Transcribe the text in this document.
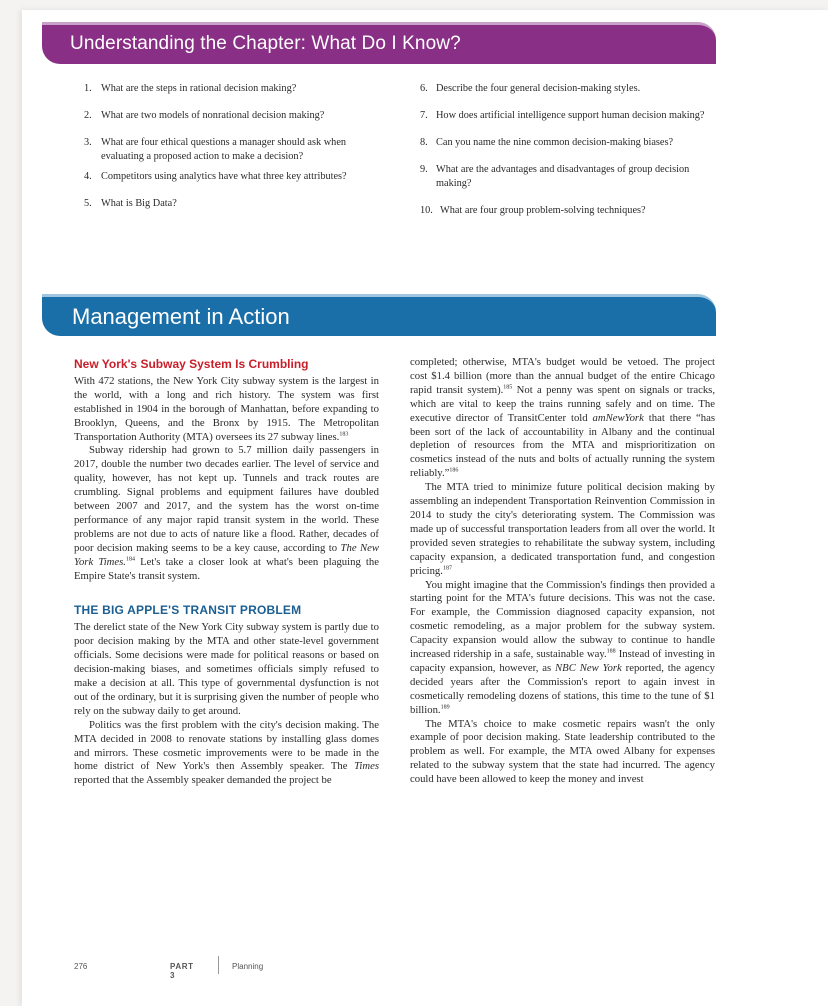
Understanding the Chapter: What Do I Know?
1. What are the steps in rational decision making?
2. What are two models of nonrational decision making?
3. What are four ethical questions a manager should ask when evaluating a proposed action to make a decision?
4. Competitors using analytics have what three key attributes?
5. What is Big Data?
6. Describe the four general decision-making styles.
7. How does artificial intelligence support human decision making?
8. Can you name the nine common decision-making biases?
9. What are the advantages and disadvantages of group decision making?
10. What are four group problem-solving techniques?
Management in Action
New York's Subway System Is Crumbling

With 472 stations, the New York City subway system is the largest in the world, with a long and rich history. The system was first established in 1904 in the borough of Manhattan, before expanding to Brooklyn, Queens, and the Bronx by 1915. The Metropolitan Transportation Authority (MTA) oversees its 27 subway lines.$^{183}$

Subway ridership had grown to 5.7 million daily passengers in 2017, double the number two decades earlier. The level of service and quality, however, has not kept up. Tunnels and track routes are crumbling. Signal problems and equipment failures have doubled between 2007 and 2017, and the system has the worst on-time performance of any major rapid transit system in the world. These problems are not due to acts of nature like a flood. Rather, decades of poor decision making seems to be a key cause, according to The New York Times.$^{184}$ Let's take a closer look at what's been plaguing the Empire State's transit system.

THE BIG APPLE'S TRANSIT PROBLEM

The derelict state of the New York City subway system is partly due to poor decision making by the MTA and other state-level government officials. Some decisions were made for political reasons or based on decision-making biases, and sometimes officials simply refused to make a decision at all. This type of governmental dysfunction is not out of the ordinary, but it is surprising given the number of people who rely on the subway daily to get around.

Politics was the first problem with the city's decision making. The MTA decided in 2008 to renovate stations by installing glass domes and mirrors. These cosmetic improvements were to be made in the home district of New York's then Assembly speaker. The Times reported that the Assembly speaker demanded the project be

completed; otherwise, MTA's budget would be vetoed. The project cost $1.4 billion (more than the annual budget of the entire Chicago rapid transit system).$^{185}$ Not a penny was spent on signals or tracks, which are vital to keep the trains running safely and on time. The executive director of TransitCenter told amNewYork that there “has been sort of the lack of accountability in Albany and the continual depletion of resources from the MTA and misprioritization on cosmetics instead of the nuts and bolts of actually running the system reliably.”$^{186}$

The MTA tried to minimize future political decision making by assembling an independent Transportation Reinvention Commission in 2014 to study the city's deteriorating system. The Commission was made up of successful transportation leaders from all over the world. It provided seven strategies to rehabilitate the subway system, including capacity expansion, a dedicated transportation fund, and congestion pricing.$^{187}$

You might imagine that the Commission's findings then provided a starting point for the MTA's future decisions. This was not the case. For example, the Commission diagnosed capacity expansion, not cosmetic remodeling, as a major problem for the subway system. Capacity expansion would allow the subway to continue to handle increased ridership in a safe, sustainable way.$^{188}$ Instead of investing in capacity expansion, however, as NBC New York reported, the agency decided years after the Commission's report to again invest in cosmetically remodeling dozens of stations, this time to the tune of $1 billion.$^{189}$

The MTA's choice to make cosmetic repairs wasn't the only example of poor decision making. State leadership contributed to the problem as well. For example, the MTA owed Albany for expenses related to the subway system that the state had incurred. The agency could have been allowed to keep the money and invest

276	PART 3
Planning
